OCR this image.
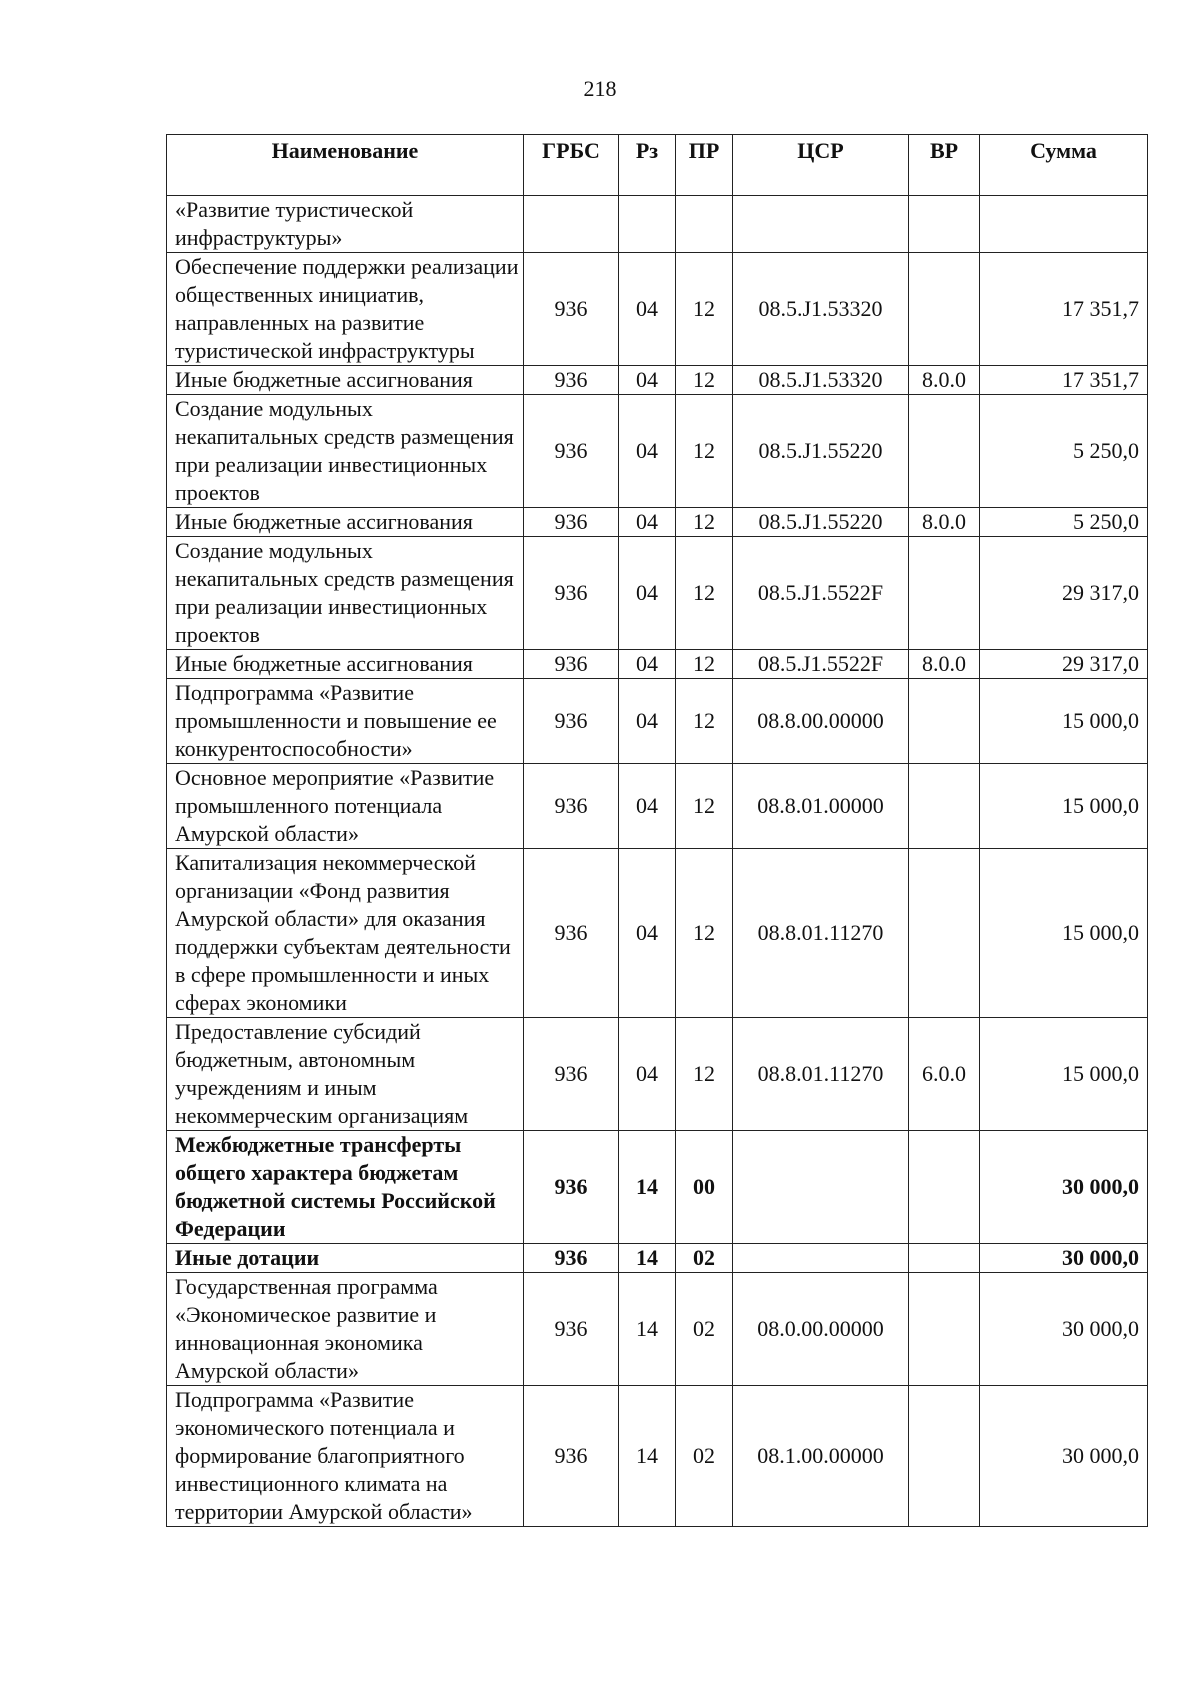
218
Наименование	ГРБС	Рз	ПР	ЦСР	ВР	Сумма
«Развитие туристической инфраструктуры»						
Обеспечение поддержки реализации общественных инициатив, направленных на развитие туристической инфраструктуры	936	04	12	08.5.J1.53320		17 351,7
Иные бюджетные ассигнования	936	04	12	08.5.J1.53320	8.0.0	17 351,7
Создание модульных некапитальных средств размещения при реализации инвестиционных проектов	936	04	12	08.5.J1.55220		5 250,0
Иные бюджетные ассигнования	936	04	12	08.5.J1.55220	8.0.0	5 250,0
Создание модульных некапитальных средств размещения при реализации инвестиционных проектов	936	04	12	08.5.J1.5522F		29 317,0
Иные бюджетные ассигнования	936	04	12	08.5.J1.5522F	8.0.0	29 317,0
Подпрограмма «Развитие промышленности и повышение ее конкурентоспособности»	936	04	12	08.8.00.00000		15 000,0
Основное мероприятие «Развитие промышленного потенциала Амурской области»	936	04	12	08.8.01.00000		15 000,0
Капитализация некоммерческой организации «Фонд развития Амурской области» для оказания поддержки субъектам деятельности в сфере промышленности и иных сферах экономики	936	04	12	08.8.01.11270		15 000,0
Предоставление субсидий бюджетным, автономным учреждениям и иным некоммерческим организациям	936	04	12	08.8.01.11270	6.0.0	15 000,0
Межбюджетные трансферты общего характера бюджетам бюджетной системы Российской Федерации	936	14	00			30 000,0
Иные дотации	936	14	02			30 000,0
Государственная программа «Экономическое развитие и инновационная экономика Амурской области»	936	14	02	08.0.00.00000		30 000,0
Подпрограмма «Развитие экономического потенциала и формирование благоприятного инвестиционного климата на территории Амурской области»	936	14	02	08.1.00.00000		30 000,0
